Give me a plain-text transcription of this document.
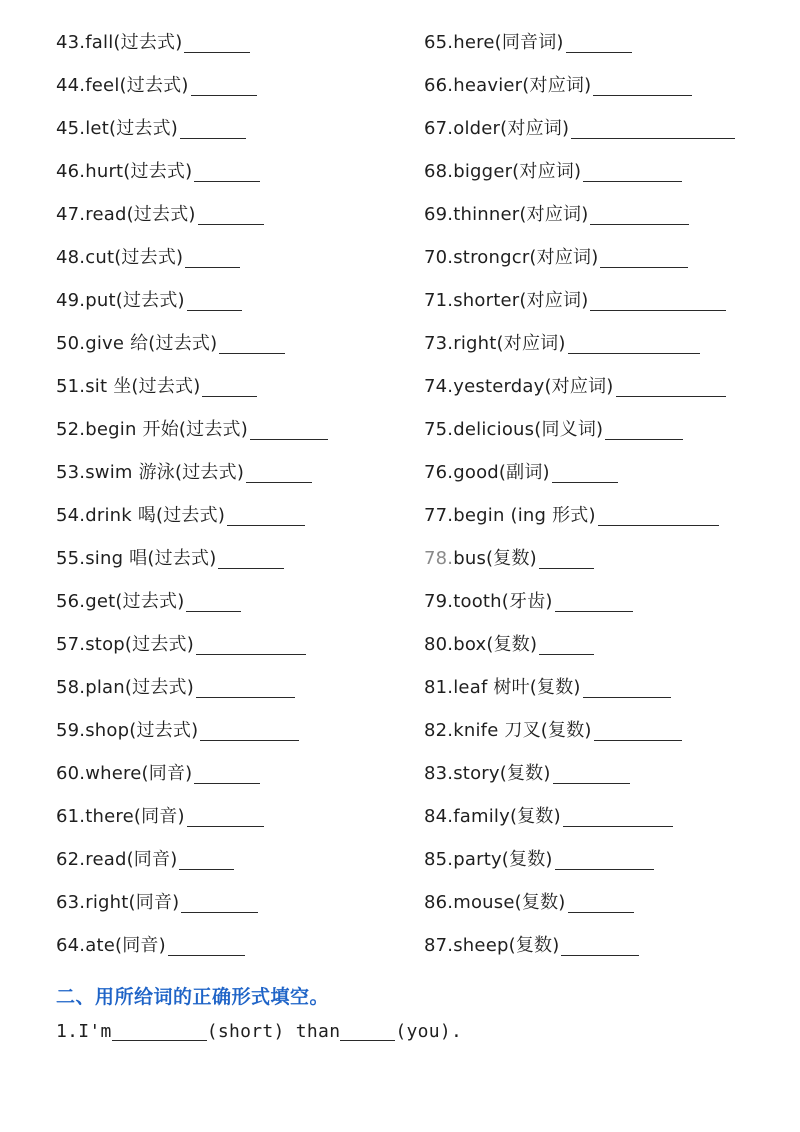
43. fall(过去式)
44. feel(过去式)
45. let(过去式)
46. hurt(过去式)
47. read(过去式)
48. cut(过去式)
49. put(过去式)
50. give 给(过去式)
51. sit 坐(过去式)
52. begin 开始(过去式)
53. swim 游泳(过去式)
54. drink 喝(过去式)
55. sing 唱(过去式)
56. get(过去式)
57. stop(过去式)
58. plan(过去式)
59. shop(过去式)
60. where(同音)
61. there(同音)
62. read(同音)
63. right(同音)
64. ate(同音)
65. here(同音词)
66. heavier(对应词)
67. older(对应词)
68. bigger(对应词)
69. thinner(对应词)
70. strongcr(对应词)
71. shorter(对应词)
73. right(对应词)
74. yesterday(对应词)
75. delicious(同义词)
76. good(副词)
77. begin (ing 形式)
78. bus(复数)
79. tooth(牙齿)
80. box(复数)
81. leaf 树叶(复数)
82. knife 刀叉(复数)
83. story(复数)
84. family(复数)
85. party(复数)
86. mouse(复数)
87. sheep(复数)
二、用所给词的正确形式填空。
1.I'm	(short) than	(you).
